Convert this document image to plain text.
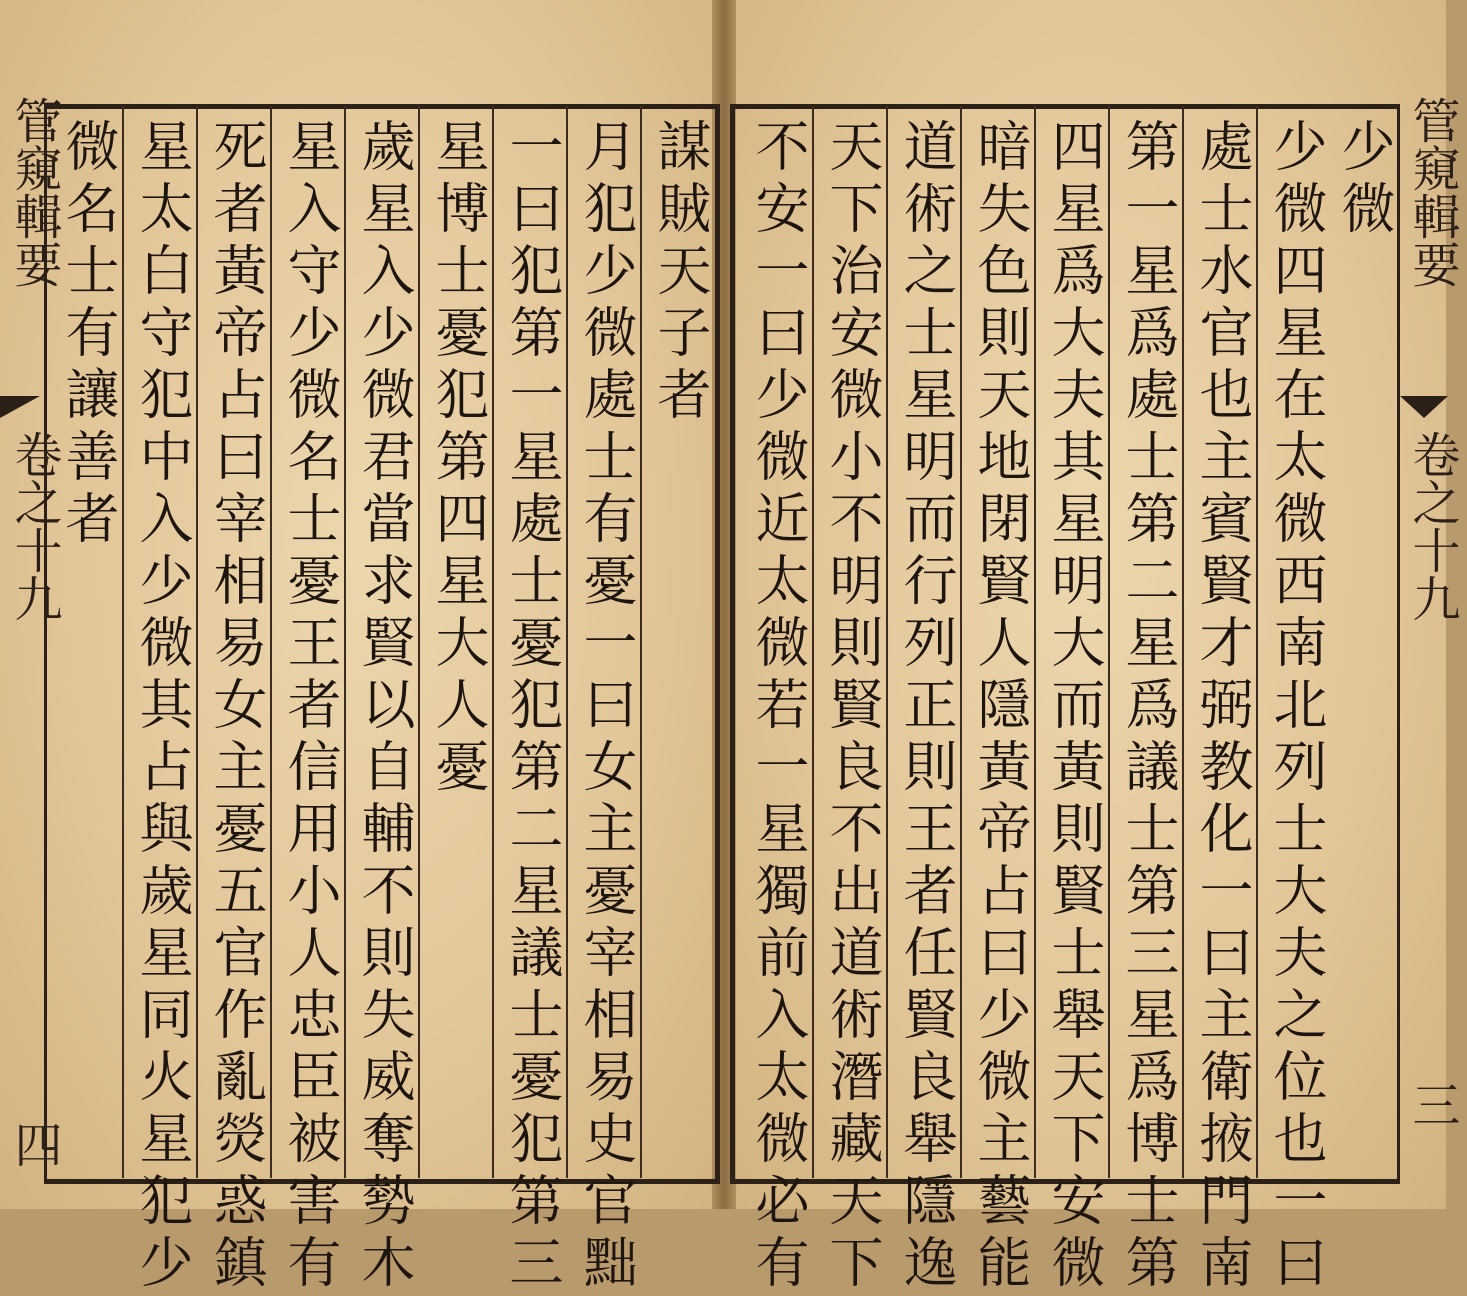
管窺輯要
卷之十九
三
管窺輯要
卷之十九
四
少微
少微四星在太微西南北列士大夫之位也一曰
處士水官也主賓賢才弼教化一曰主衛掖門南
第一星爲處士第二星爲議士第三星爲博士第
四星爲大夫其星明大而黃則賢士舉天下安微
暗失色則天地閉賢人隱黃帝占曰少微主藝能
道術之士星明而行列正則王者任賢良舉隱逸
天下治安微小不明則賢良不出道術潛藏天下
不安一曰少微近太微若一星獨前入太微必有
謀賊天子者
月犯少微處士有憂一曰女主憂宰相易史官黜
一曰犯第一星處士憂犯第二星議士憂犯第三
星博士憂犯第四星大人憂
歲星入少微君當求賢以自輔不則失威奪勢木
星入守少微名士憂王者信用小人忠臣被害有
死者黃帝占曰宰相易女主憂五官作亂熒惑鎮
星太白守犯中入少微其占與歲星同火星犯少
微名士有讓善者
